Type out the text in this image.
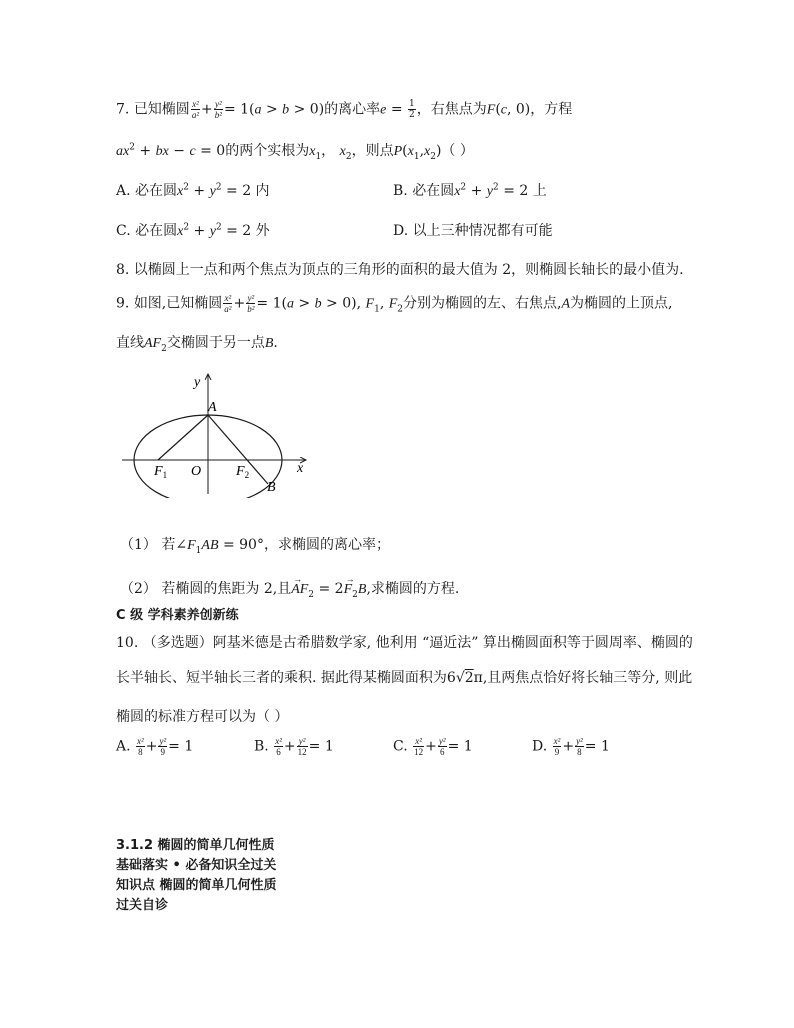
7. 已知椭圆 $\frac{\text{x²}}{\text{a²}} + \frac{\text{y²}}{\text{b²}} = 1(a > b > 0)$的离心率$e = \frac{1}{2}$ ，右焦点为F(c, 0)，方程
$ax^2$ + bx − c = 0的两个实根为$x_1$， $x_2$，则点$P(x_1,x_2)$（ ）
A. 必在圆$x^2 + y^2 = 2$ 内	B. 必在圆$x^2 + y^2 = 2$ 上
C. 必在圆$x^2 + y^2 = 2$ 外	D. 以上三种情况都有可能
8. 以椭圆上一点和两个焦点为顶点的三角形的面积的最大值为 2，则椭圆长轴长的最小值为.
9. 如图,已知椭圆 $\frac{\text{x²}}{\text{a²}} + \frac{\text{y²}}{\text{b²}} = 1(a > b > 0)$, $F_1$, $F_2$分别为椭圆的左、右焦点,A为椭圆的上顶点,
直线$AF_2$交椭圆于另一点B.
y
x
A
O
B
$F_1$	$F_2$
（1） 若$\angle F_1AB = 90^\circ$，求椭圆的离心率；
（2） 若椭圆的焦距为 2,且→ $AF_2 = 2\to F_2B$,求椭圆的方程.
C 级 学科素养创新练
10. （多选题）阿基米德是古希腊数学家, 他利用 “逼近法” 算出椭圆面积等于圆周率、椭圆的
长半轴长、短半轴长三者的乘积. 据此得某椭圆面积为6√2π,且两焦点恰好将长轴三等分, 则此
椭圆的标准方程可以为（ ）
A. $\frac{\text{x²}}{8} + \frac{\text{y²}}{9} = 1$	B. $\frac{\text{x²}}{6} + \frac{\text{y²}}{12} = 1$	C. $\frac{\text{x²}}{12} + \frac{\text{y²}}{6} = 1$	D. $\frac{\text{x²}}{9} + \frac{\text{y²}}{8} = 1$
3.1.2 椭圆的简单几何性质
基础落实 • 必备知识全过关
知识点 椭圆的简单几何性质
过关自诊
